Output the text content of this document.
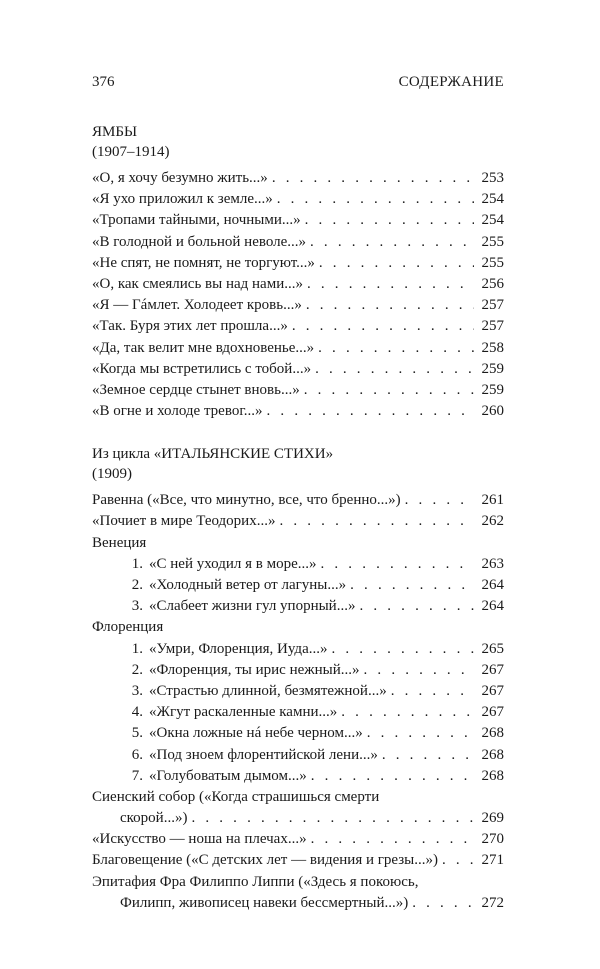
376	СОДЕРЖАНИЕ
ЯМБЫ
(1907–1914)
«О, я хочу безумно жить...» . . .	253
«Я ухо приложил к земле...» . . .	254
«Тропами тайными, ночными...» . . .	254
«В голодной и больной неволе...» . . .	255
«Не спят, не помнят, не торгуют...» . . .	255
«О, как смеялись вы над нами...» . . .	256
«Я — Гáмлет. Холодеет кровь...» . . .	257
«Так. Буря этих лет прошла...» . . .	257
«Да, так велит мне вдохновенье...» . . .	258
«Когда мы встретились с тобой...» . . .	259
«Земное сердце стынет вновь...» . . .	259
«В огне и холоде тревог...» . . .	260
Из цикла «ИТАЛЬЯНСКИЕ СТИХИ»
(1909)
Равенна («Все, что минутно, все, что бренно...») . . .	261
«Почиет в мире Теодорих...» . . .	262
Венеция
1. «С ней уходил я в море...» . . .	263
2. «Холодный ветер от лагуны...» . . .	264
3. «Слабеет жизни гул упорный...» . . .	264
Флоренция
1. «Умри, Флоренция, Иуда...» . . .	265
2. «Флоренция, ты ирис нежный...» . . .	267
3. «Страстью длинной, безмятежной...» . . .	267
4. «Жгут раскаленные камни...» . . .	267
5. «Окна ложные нá небе черном...» . . .	268
6. «Под зноем флорентийской лени...» . . .	268
7. «Голубоватым дымом...» . . .	268
Сиенский собор («Когда страшишься смерти
скорой...») . . .	269
«Искусство — ноша на плечах...» . . .	270
Благовещение («С детских лет — видения и грезы...») . . .	271
Эпитафия Фра Филиппо Липпи («Здесь я покоюсь,
Филипп, живописец навеки бессмертный...») . . .	272
